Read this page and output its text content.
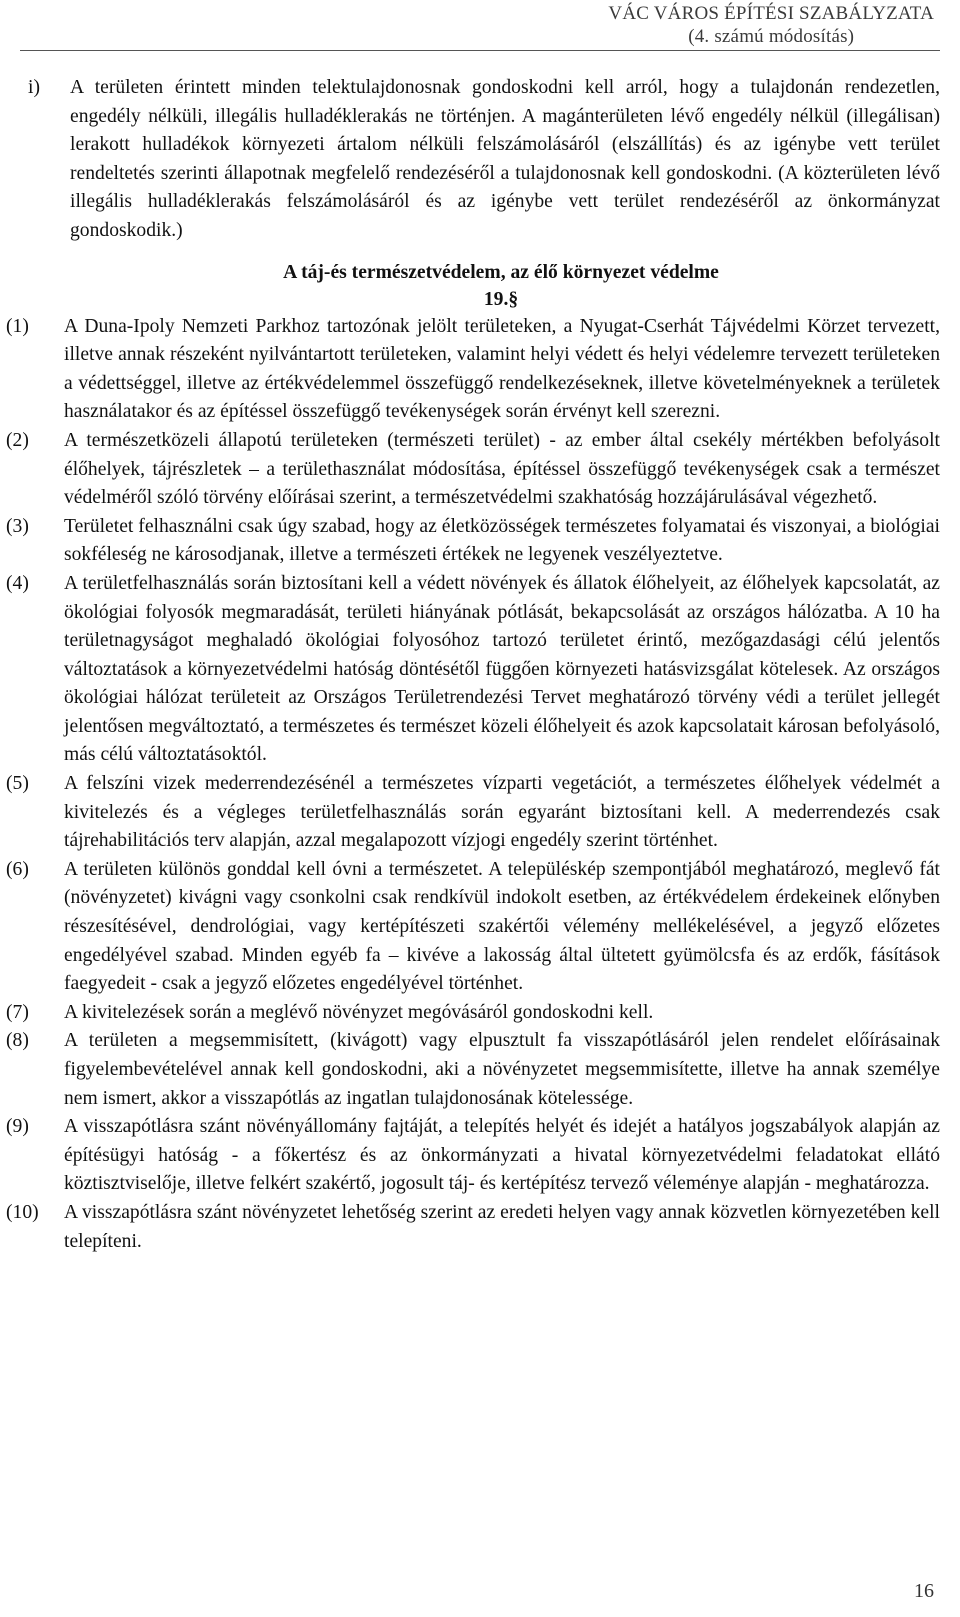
VÁC VÁROS ÉPÍTÉSI SZABÁLYZATA
(4. számú módosítás)
i)	A területen érintett minden telektulajdonosnak gondoskodni kell arról, hogy a tulajdonán rendezetlen, engedély nélküli, illegális hulladéklerakás ne történjen. A magánterületen lévő engedély nélkül (illegálisan) lerakott hulladékok környezeti ártalom nélküli felszámolásáról (elszállítás) és az igénybe vett terület rendeltetés szerinti állapotnak megfelelő rendezéséről a tulajdonosnak kell gondoskodni. (A közterületen lévő illegális hulladéklerakás felszámolásáról és az igénybe vett terület rendezéséről az önkormányzat gondoskodik.)
A táj-és természetvédelem, az élő környezet védelme
19.§
(1)	A Duna-Ipoly Nemzeti Parkhoz tartozónak jelölt területeken, a Nyugat-Cserhát Tájvédelmi Körzet tervezett, illetve annak részeként nyilvántartott területeken, valamint helyi védett és helyi védelemre tervezett területeken a védettséggel, illetve az értékvédelemmel összefüggő rendelkezéseknek, illetve követelményeknek a területek használatakor és az építéssel összefüggő tevékenységek során érvényt kell szerezni.
(2)	A természetközeli állapotú területeken (természeti terület) - az ember által csekély mértékben befolyásolt élőhelyek, tájrészletek – a területhasználat módosítása, építéssel összefüggő tevékenységek csak a természet védelméről szóló törvény előírásai szerint, a természetvédelmi szakhatóság hozzájárulásával végezhető.
(3)	Területet felhasználni csak úgy szabad, hogy az életközösségek természetes folyamatai és viszonyai, a biológiai sokféleség ne károsodjanak, illetve a természeti értékek ne legyenek veszélyeztetve.
(4)	A területfelhasználás során biztosítani kell a védett növények és állatok élőhelyeit, az élőhelyek kapcsolatát, az ökológiai folyosók megmaradását, területi hiányának pótlását, bekapcsolását az országos hálózatba. A 10 ha területnagyságot meghaladó ökológiai folyosóhoz tartozó területet érintő, mezőgazdasági célú jelentős változtatások a környezetvédelmi hatóság döntésétől függően környezeti hatásvizsgálat kötelesek. Az országos ökológiai hálózat területeit az Országos Területrendezési Tervet meghatározó törvény védi a terület jellegét jelentősen megváltoztató, a természetes és természet közeli élőhelyeit és azok kapcsolatait károsan befolyásoló, más célú változtatásoktól.
(5)	A felszíni vizek mederrendezésénél a természetes vízparti vegetációt, a természetes élőhelyek védelmét a kivitelezés és a végleges területfelhasználás során egyaránt biztosítani kell. A mederrendezés csak tájrehabilitációs terv alapján, azzal megalapozott vízjogi engedély szerint történhet.
(6)	A területen különös gonddal kell óvni a természetet. A településkép szempontjából meghatározó, meglevő fát (növényzetet) kivágni vagy csonkolni csak rendkívül indokolt esetben, az értékvédelem érdekeinek előnyben részesítésével, dendrológiai, vagy kertépítészeti szakértői vélemény mellékelésével, a jegyző előzetes engedélyével szabad. Minden egyéb fa – kivéve a lakosság által ültetett gyümölcsfa és az erdők, fásítások faegyedeit - csak a jegyző előzetes engedélyével történhet.
(7)	A kivitelezések során a meglévő növényzet megóvásáról gondoskodni kell.
(8)	A területen a megsemmisített, (kivágott) vagy elpusztult fa visszapótlásáról jelen rendelet előírásainak figyelembevételével annak kell gondoskodni, aki a növényzetet megsemmisítette, illetve ha annak személye nem ismert, akkor a visszapótlás az ingatlan tulajdonosának kötelessége.
(9)	A visszapótlásra szánt növényállomány fajtáját, a telepítés helyét és idejét a hatályos jogszabályok alapján az építésügyi hatóság - a főkertész és az önkormányzati a hivatal környezetvédelmi feladatokat ellátó köztisztviselője, illetve felkért szakértő, jogosult táj- és kertépítész tervező véleménye alapján - meghatározza.
(10)	A visszapótlásra szánt növényzetet lehetőség szerint az eredeti helyen vagy annak közvetlen környezetében kell telepíteni.
16
